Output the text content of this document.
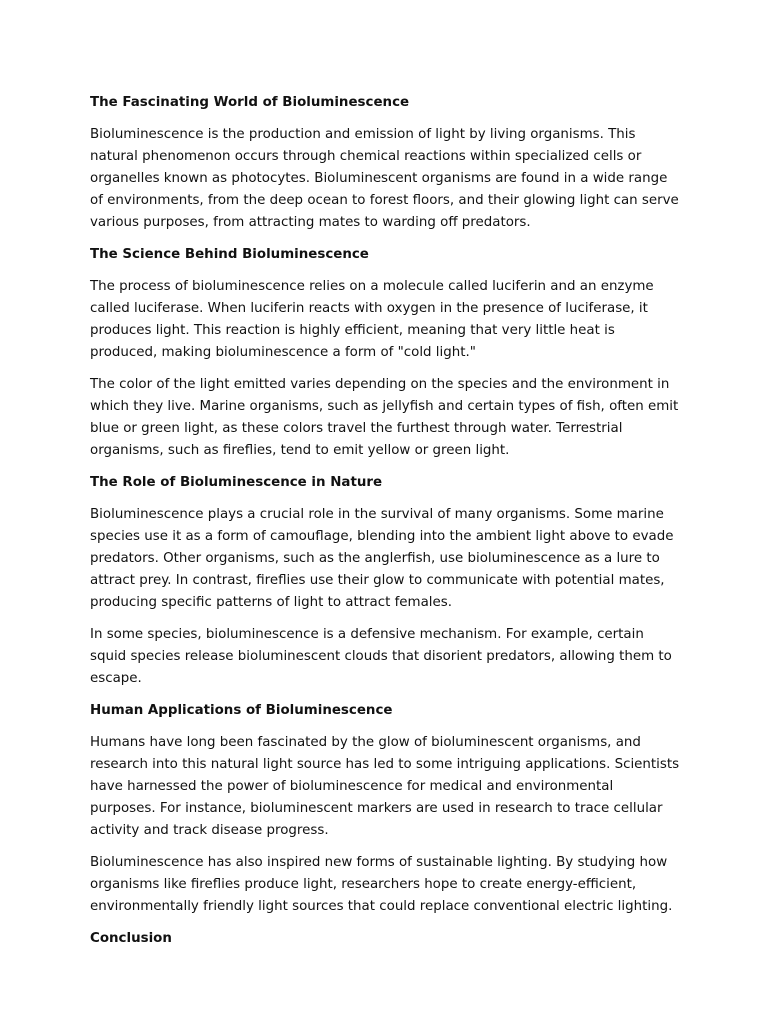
The Fascinating World of Bioluminescence
Bioluminescence is the production and emission of light by living organisms. This natural phenomenon occurs through chemical reactions within specialized cells or organelles known as photocytes. Bioluminescent organisms are found in a wide range of environments, from the deep ocean to forest floors, and their glowing light can serve various purposes, from attracting mates to warding off predators.
The Science Behind Bioluminescence
The process of bioluminescence relies on a molecule called luciferin and an enzyme called luciferase. When luciferin reacts with oxygen in the presence of luciferase, it produces light. This reaction is highly efficient, meaning that very little heat is produced, making bioluminescence a form of "cold light."
The color of the light emitted varies depending on the species and the environment in which they live. Marine organisms, such as jellyfish and certain types of fish, often emit blue or green light, as these colors travel the furthest through water. Terrestrial organisms, such as fireflies, tend to emit yellow or green light.
The Role of Bioluminescence in Nature
Bioluminescence plays a crucial role in the survival of many organisms. Some marine species use it as a form of camouflage, blending into the ambient light above to evade predators. Other organisms, such as the anglerfish, use bioluminescence as a lure to attract prey. In contrast, fireflies use their glow to communicate with potential mates, producing specific patterns of light to attract females.
In some species, bioluminescence is a defensive mechanism. For example, certain squid species release bioluminescent clouds that disorient predators, allowing them to escape.
Human Applications of Bioluminescence
Humans have long been fascinated by the glow of bioluminescent organisms, and research into this natural light source has led to some intriguing applications. Scientists have harnessed the power of bioluminescence for medical and environmental purposes. For instance, bioluminescent markers are used in research to trace cellular activity and track disease progress.
Bioluminescence has also inspired new forms of sustainable lighting. By studying how organisms like fireflies produce light, researchers hope to create energy-efficient, environmentally friendly light sources that could replace conventional electric lighting.
Conclusion
